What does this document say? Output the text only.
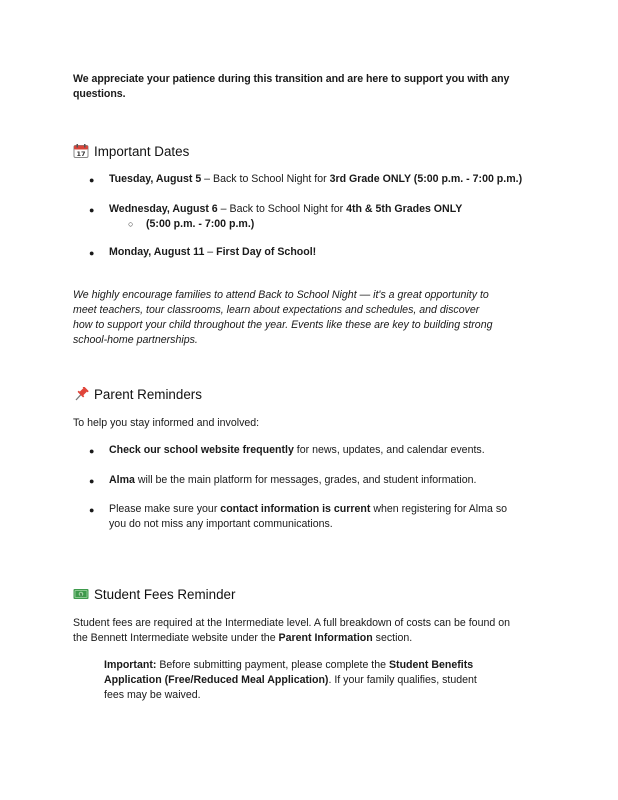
We appreciate your patience during this transition and are here to support you with any
questions.

17 Important Dates
● Tuesday, August 5 – Back to School Night for 3rd Grade ONLY (5:00 p.m. - 7:00 p.m.)
● Wednesday, August 6 – Back to School Night for 4th & 5th Grades ONLY
○ (5:00 p.m. - 7:00 p.m.)
● Monday, August 11 – First Day of School!

We highly encourage families to attend Back to School Night — it's a great opportunity to
meet teachers, tour classrooms, learn about expectations and schedules, and discover
how to support your child throughout the year. Events like these are key to building strong
school-home partnerships.

Parent Reminders

To help you stay informed and involved:

● Check our school website frequently for news, updates, and calendar events.
● Alma will be the main platform for messages, grades, and student information.
● Please make sure your contact information is current when registering for Alma so
you do not miss any important communications.
$ Student Fees Reminder

Student fees are required at the Intermediate level. A full breakdown of costs can be found on
the Bennett Intermediate website under the Parent Information section.

Important: Before submitting payment, please complete the Student Benefits
Application (Free/Reduced Meal Application). If your family qualifies, student
fees may be waived.
